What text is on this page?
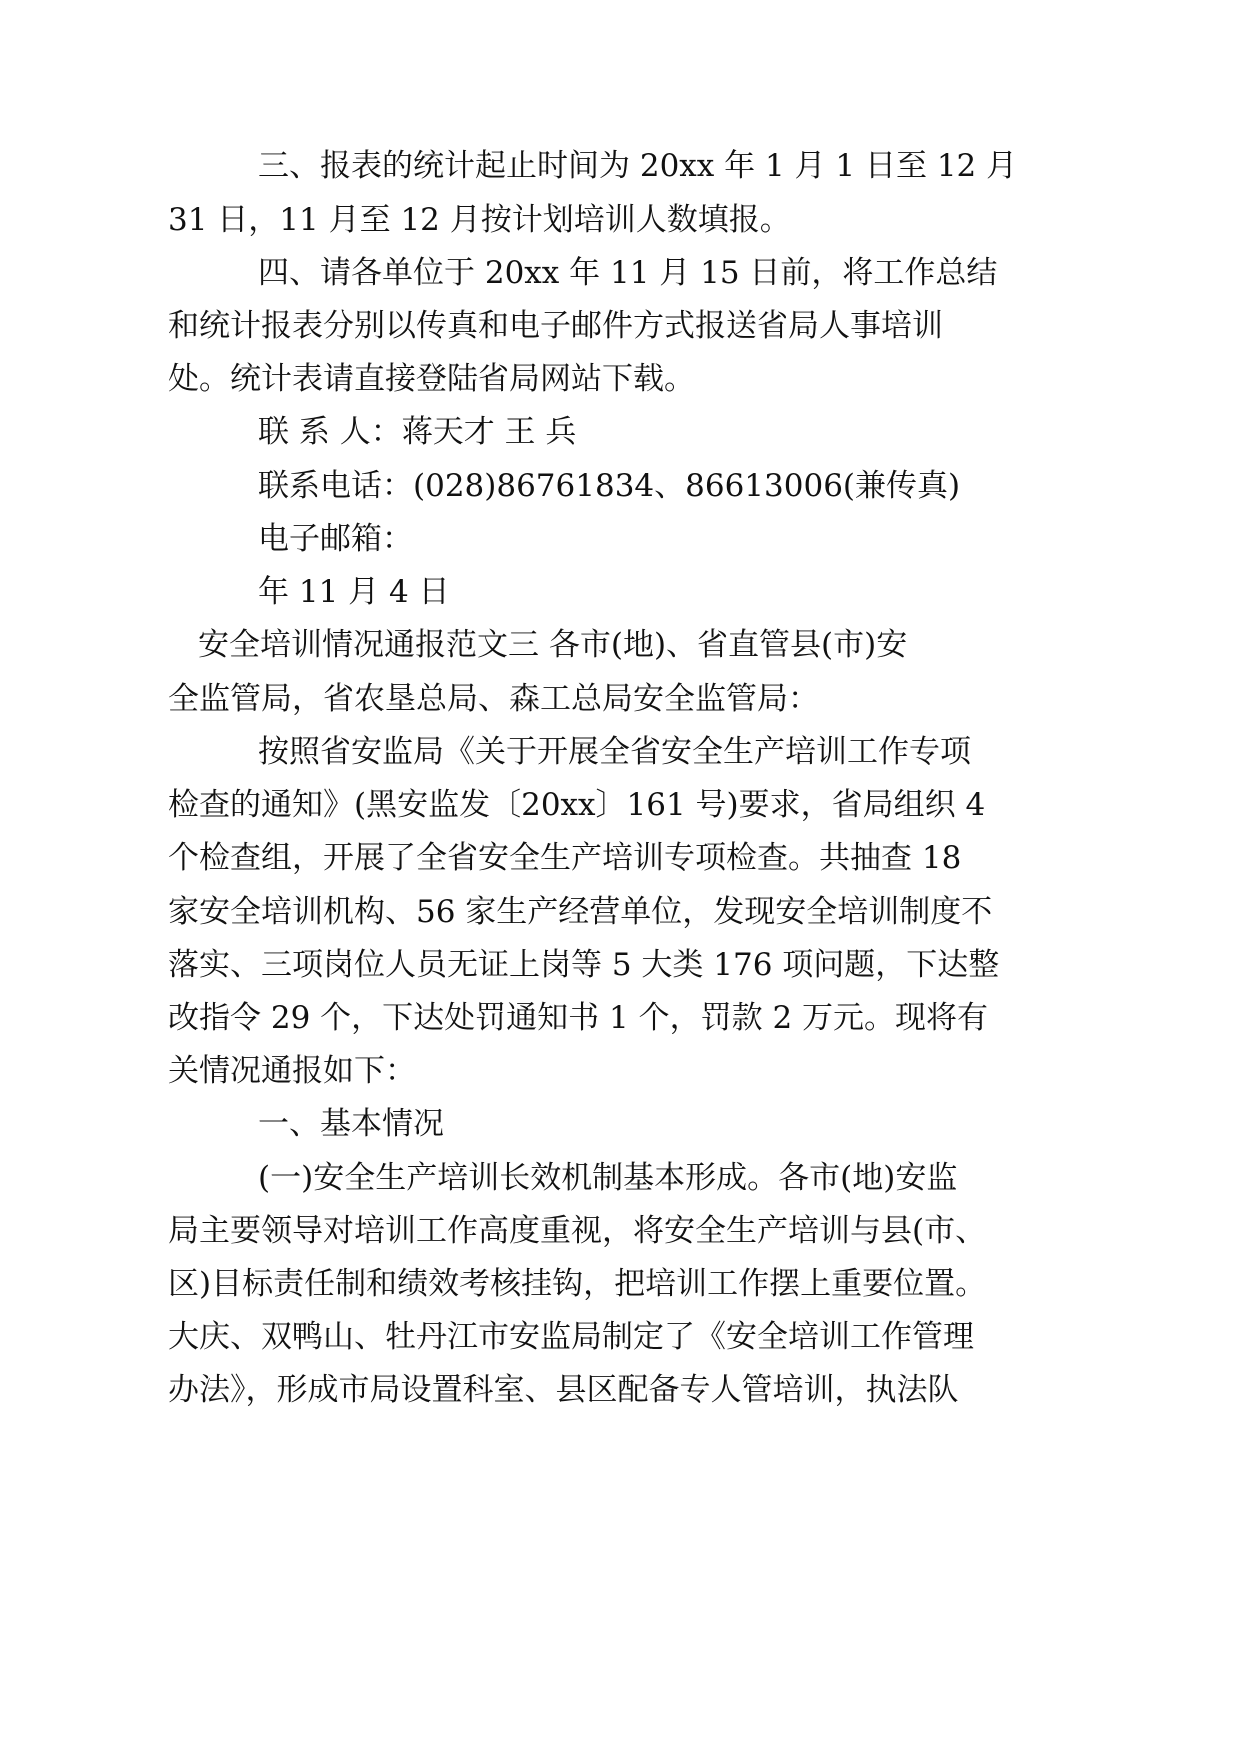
三、报表的统计起止时间为 20xx 年 1 月 1 日至 12 月
31 日，11 月至 12 月按计划培训人数填报。
四、请各单位于 20xx 年 11 月 15 日前，将工作总结
和统计报表分别以传真和电子邮件方式报送省局人事培训
处。统计表请直接登陆省局网站下载。
联 系 人：蒋天才 王 兵
联系电话：(028)86761834、86613006(兼传真)
电子邮箱：
年 11 月 4 日
安全培训情况通报范文三 各市(地)、省直管县(市)安
全监管局，省农垦总局、森工总局安全监管局：
按照省安监局《关于开展全省安全生产培训工作专项
检查的通知》(黑安监发〔20xx〕161 号)要求，省局组织 4
个检查组，开展了全省安全生产培训专项检查。共抽查 18
家安全培训机构、56 家生产经营单位，发现安全培训制度不
落实、三项岗位人员无证上岗等 5 大类 176 项问题，下达整
改指令 29 个，下达处罚通知书 1 个，罚款 2 万元。现将有
关情况通报如下：
一、基本情况
(一)安全生产培训长效机制基本形成。各市(地)安监
局主要领导对培训工作高度重视，将安全生产培训与县(市、
区)目标责任制和绩效考核挂钩，把培训工作摆上重要位置。
大庆、双鸭山、牡丹江市安监局制定了《安全培训工作管理
办法》，形成市局设置科室、县区配备专人管培训，执法队
